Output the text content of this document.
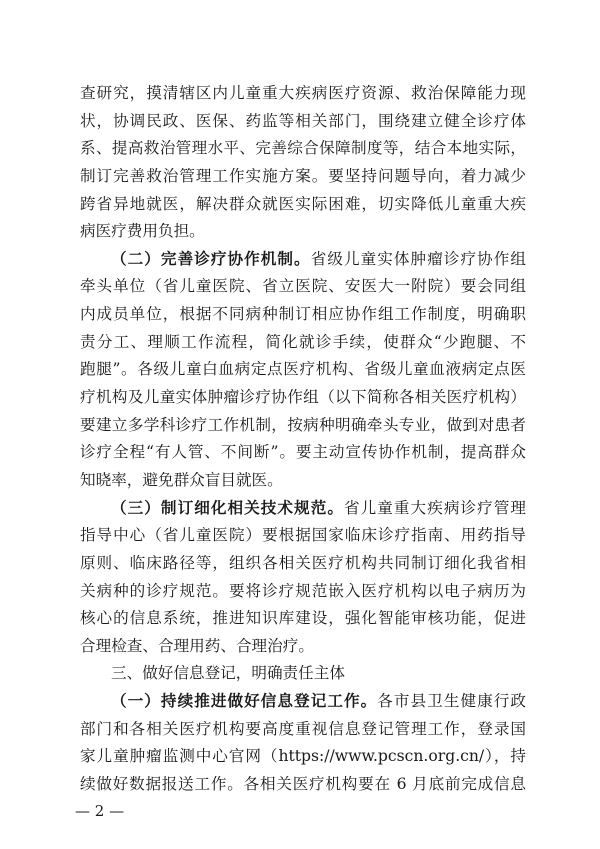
查研究，摸清辖区内儿童重大疾病医疗资源、救治保障能力现
状，协调民政、医保、药监等相关部门，围绕建立健全诊疗体
系、提高救治管理水平、完善综合保障制度等，结合本地实际，
制订完善救治管理工作实施方案。要坚持问题导向，着力减少
跨省异地就医，解决群众就医实际困难，切实降低儿童重大疾
病医疗费用负担。
（二）完善诊疗协作机制。省级儿童实体肿瘤诊疗协作组
牵头单位（省儿童医院、省立医院、安医大一附院）要会同组
内成员单位，根据不同病种制订相应协作组工作制度，明确职
责分工、理顺工作流程，简化就诊手续，使群众“少跑腿、不
跑腿”。各级儿童白血病定点医疗机构、省级儿童血液病定点医
疗机构及儿童实体肿瘤诊疗协作组（以下简称各相关医疗机构）
要建立多学科诊疗工作机制，按病种明确牵头专业，做到对患者
诊疗全程“有人管、不间断”。要主动宣传协作机制，提高群众
知晓率，避免群众盲目就医。
（三）制订细化相关技术规范。省儿童重大疾病诊疗管理
指导中心（省儿童医院）要根据国家临床诊疗指南、用药指导
原则、临床路径等，组织各相关医疗机构共同制订细化我省相
关病种的诊疗规范。要将诊疗规范嵌入医疗机构以电子病历为
核心的信息系统，推进知识库建设，强化智能审核功能，促进
合理检查、合理用药、合理治疗。
三、做好信息登记，明确责任主体
（一）持续推进做好信息登记工作。各市县卫生健康行政
部门和各相关医疗机构要高度重视信息登记管理工作，登录国
家儿童肿瘤监测中心官网（https://www.pcscn.org.cn/），持
续做好数据报送工作。各相关医疗机构要在 6 月底前完成信息
— 2 —
